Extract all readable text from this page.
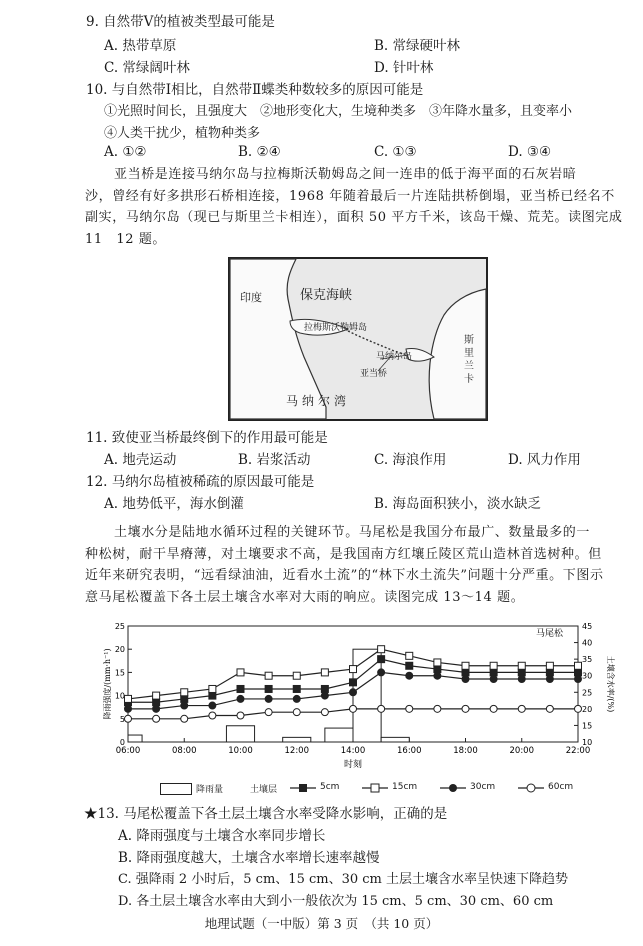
9. 自然带Ⅴ的植被类型最可能是
A. 热带草原	B. 常绿硬叶林
C. 常绿阔叶林	D. 针叶林
10. 与自然带Ⅰ相比，自然带Ⅱ蝶类种数较多的原因可能是
①光照时间长，且强度大　②地形变化大，生境种类多　③年降水量多，且变率小
④人类干扰少，植物种类多
A. ①②	B. ②④	C. ①③	D. ③④

亚当桥是连接马纳尔岛与拉梅斯沃勒姆岛之间一连串的低于海平面的石灰岩暗

沙，曾经有好多拱形石桥相连接，1968 年随着最后一片连陆拱桥倒塌，亚当桥已经名不
副实，马纳尔岛（现已与斯里兰卡相连），面积 50 平方千米，该岛干燥、荒芜。读图完成
11　12 题。
印度	保克海峡
拉梅斯沃勒姆岛
马纳尔岛
亚当桥
马纳尔湾
斯里兰卡
11. 致使亚当桥最终倒下的作用最可能是
A. 地壳运动	B. 岩浆活动	C. 海浪作用	D. 风力作用
12. 马纳尔岛植被稀疏的原因最可能是
A. 地势低平，海水倒灌	B. 海岛面积狭小，淡水缺乏

土壤水分是陆地水循环过程的关键环节。马尾松是我国分布最广、数量最多的一

种松树，耐干旱瘠薄，对土壤要求不高，是我国南方红壤丘陵区荒山造林首选树种。但
近年来研究表明，“远看绿油油，近看水土流”的“林下水土流失”问题十分严重。下图示
意马尾松覆盖下各土层土壤含水率对大雨的响应。读图完成 13～14 题。
0
5
10
15
20
25
10
15
20
25
30
35
40
45
06:00	08:00	10:00	12:00	14:00	16:00	18:00	20:00	22:00
时刻
降雨强度/(mm·h⁻¹)	土壤含水率/(%)
马尾松
降雨量	土壤层	5cm	15cm	30cm	60cm
★13. 马尾松覆盖下各土层土壤含水率受降水影响，正确的是
A. 降雨强度与土壤含水率同步增长
B. 降雨强度越大，土壤含水率增长速率越慢
C. 强降雨 2 小时后，5 cm、15 cm、30 cm 土层土壤含水率呈快速下降趋势
D. 各土层土壤含水率由大到小一般依次为 15 cm、5 cm、30 cm、60 cm
地理试题（一中版）第 3 页　（共 10 页）
